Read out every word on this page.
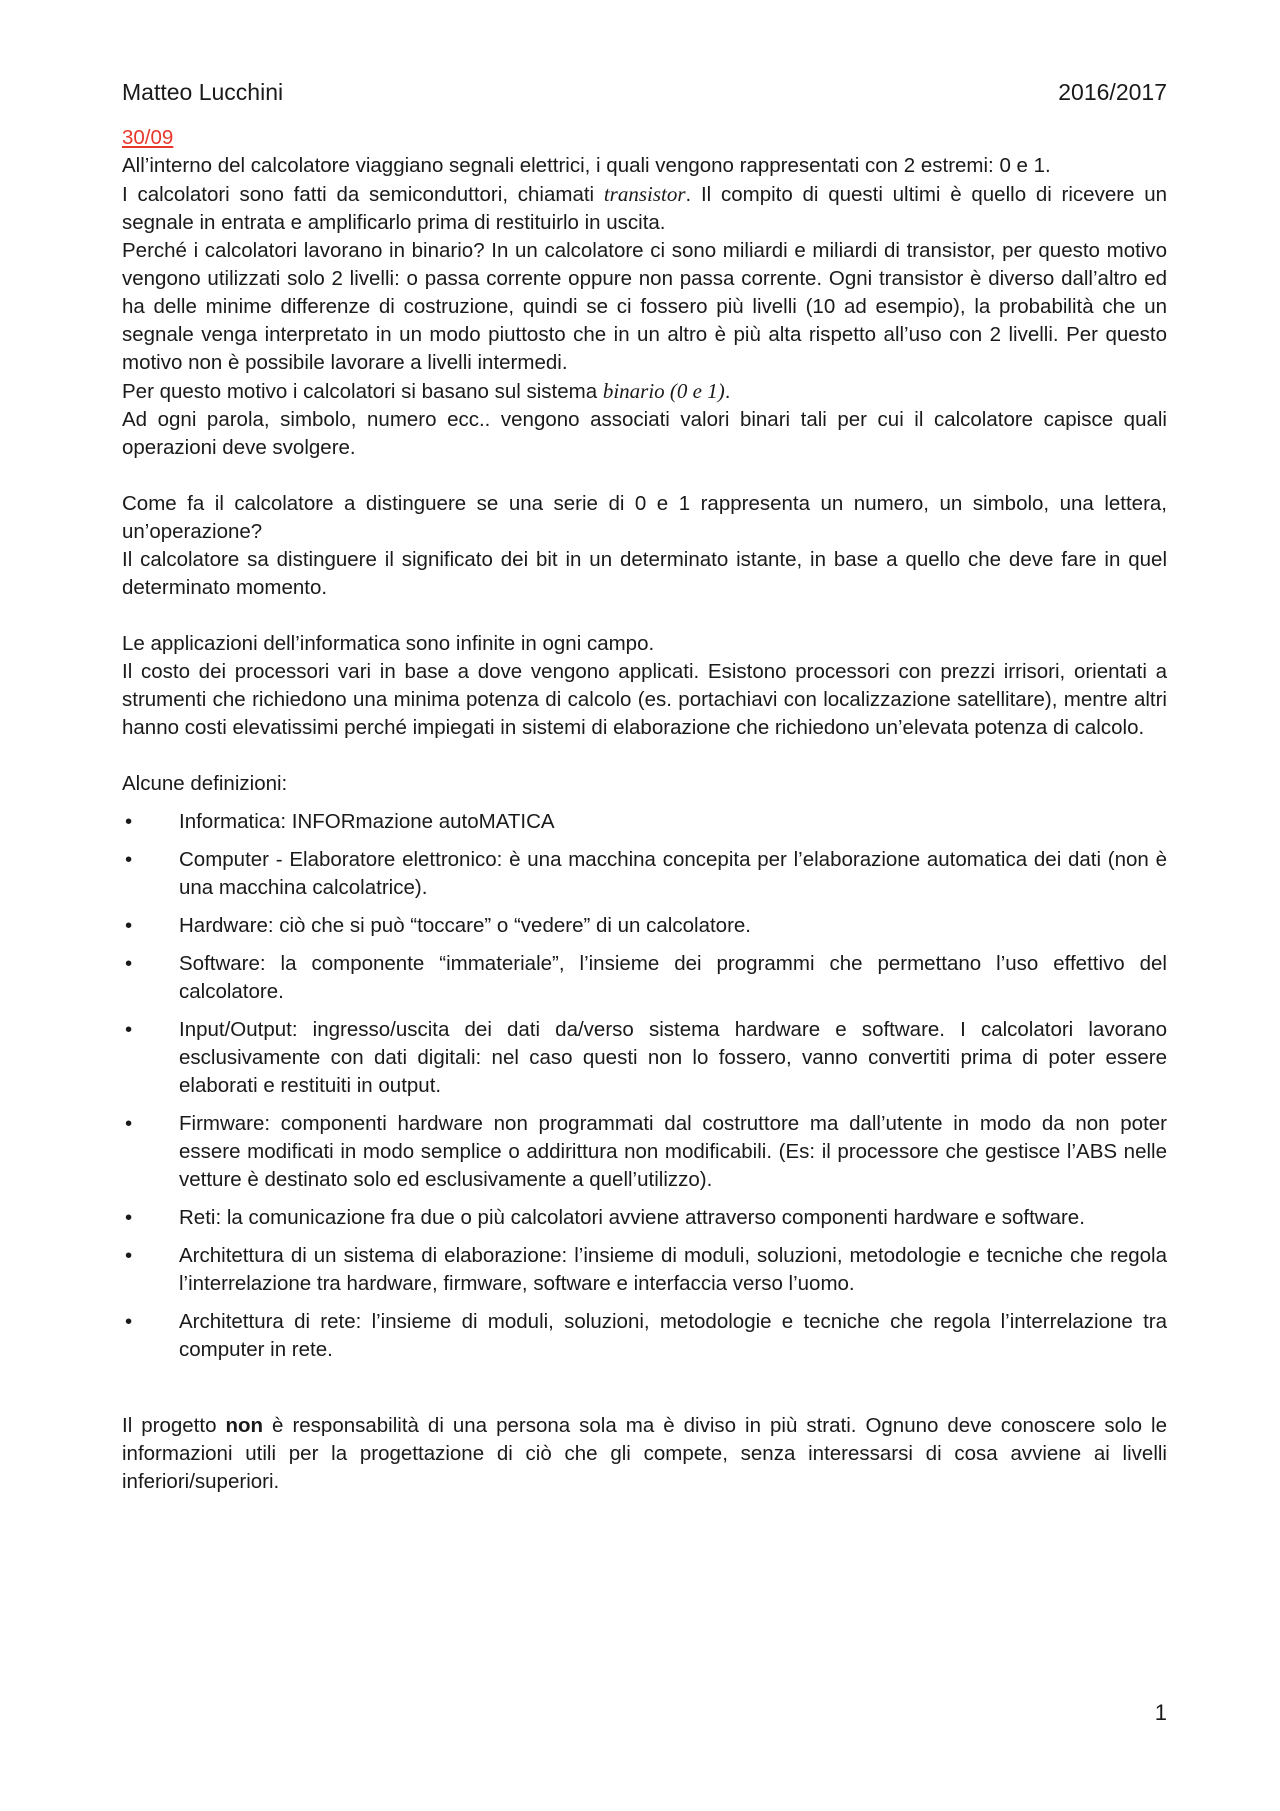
Matteo Lucchini	2016/2017
30/09

All’interno del calcolatore viaggiano segnali elettrici, i quali vengono rappresentati con 2 estremi: 0 e 1.

I calcolatori sono fatti da semiconduttori, chiamati transistor. Il compito di questi ultimi è quello di ricevere un segnale in entrata e amplificarlo prima di restituirlo in uscita.

Perché i calcolatori lavorano in binario? In un calcolatore ci sono miliardi e miliardi di transistor, per questo motivo vengono utilizzati solo 2 livelli: o passa corrente oppure non passa corrente. Ogni transistor è diverso dall’altro ed ha delle minime differenze di costruzione, quindi se ci fossero più livelli (10 ad esempio), la probabilità che un segnale venga interpretato in un modo piuttosto che in un altro è più alta rispetto all’uso con 2 livelli. Per questo motivo non è possibile lavorare a livelli intermedi.

Per questo motivo i calcolatori si basano sul sistema binario (0 e 1).

Ad ogni parola, simbolo, numero ecc.. vengono associati valori binari tali per cui il calcolatore capisce quali operazioni deve svolgere.

Come fa il calcolatore a distinguere se una serie di 0 e 1 rappresenta un numero, un simbolo, una lettera, un’operazione?

Il calcolatore sa distinguere il significato dei bit in un determinato istante, in base a quello che deve fare in quel determinato momento.

Le applicazioni dell’informatica sono infinite in ogni campo.

Il costo dei processori vari in base a dove vengono applicati. Esistono processori con prezzi irrisori, orientati a strumenti che richiedono una minima potenza di calcolo (es. portachiavi con localizzazione satellitare), mentre altri hanno costi elevatissimi perché impiegati in sistemi di elaborazione che richiedono un’elevata potenza di calcolo.

Alcune definizioni:

• Informatica: INFORmazione autoMATICA
• Computer - Elaboratore elettronico: è una macchina concepita per l’elaborazione automatica dei dati (non è una macchina calcolatrice).
• Hardware: ciò che si può “toccare” o “vedere” di un calcolatore.
• Software: la componente “immateriale”, l’insieme dei programmi che permettano l’uso effettivo del calcolatore.
• Input/Output: ingresso/uscita dei dati da/verso sistema hardware e software. I calcolatori lavorano esclusivamente con dati digitali: nel caso questi non lo fossero, vanno convertiti prima di poter essere elaborati e restituiti in output.
• Firmware: componenti hardware non programmati dal costruttore ma dall’utente in modo da non poter essere modificati in modo semplice o addirittura non modificabili. (Es: il processore che gestisce l’ABS nelle vetture è destinato solo ed esclusivamente a quell’utilizzo).
• Reti: la comunicazione fra due o più calcolatori avviene attraverso componenti hardware e software.
• Architettura di un sistema di elaborazione: l’insieme di moduli, soluzioni, metodologie e tecniche che regola l’interrelazione tra hardware, firmware, software e interfaccia verso l’uomo.
• Architettura di rete: l’insieme di moduli, soluzioni, metodologie e tecniche che regola l’interrelazione tra computer in rete.

Il progetto non è responsabilità di una persona sola ma è diviso in più strati. Ognuno deve conoscere solo le informazioni utili per la progettazione di ciò che gli compete, senza interessarsi di cosa avviene ai livelli inferiori/superiori.

1
